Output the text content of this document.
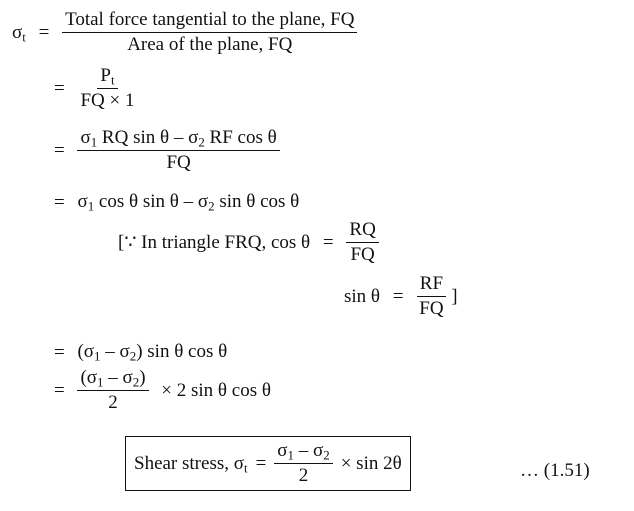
$\sigma_t = \frac{\text{Total force tangential to the plane, FQ}}{\text{Area of the plane, FQ}}$
= $\frac{P_t}{FQ \times 1}$
= $\frac{\sigma_1 RQ \sin \theta - \sigma_2 RF \cos \theta}{FQ}$
= $\sigma_1$ cos θ sin θ – $\sigma_2$ sin θ cos θ
[∵ In triangle FRQ, $\cos \theta = \frac{RQ}{FQ}$
$\sin \theta = \frac{RF}{FQ}$ ]
= $(\sigma_1 - \sigma_2)$ sin θ cos θ
= $\frac{(\sigma_1 - \sigma_2)}{2} \times 2$ sin θ cos θ
Shear stress, $\sigma_t = \frac{\sigma_1 - \sigma_2}{2} \times \sin 2\theta$	… (1.51)
